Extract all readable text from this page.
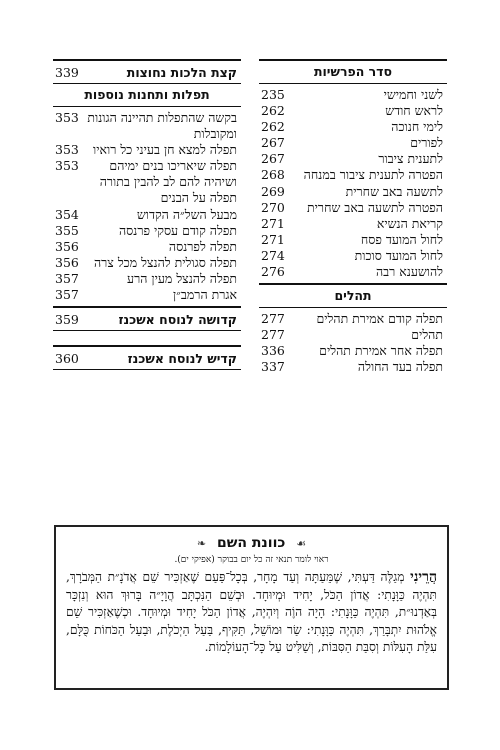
סדר הפרשיות
לשני וחמישי
235
לראש חודש
262
לימי חנוכה
262
לפורים
267
לתענית ציבור
267
הפטרה לתענית ציבור במנחה
268
לתשעה באב שחרית
269
הפטרה לתשעה באב שחרית
270
קריאת הנשיא
271
לחול המועד פסח
271
לחול המועד סוכות
274
להושענא רבה
276
תהלים
תפלה קודם אמירת תהלים
277
תהלים
277
תפלה אחר אמירת תהלים
336
תפלה בעד החולה
337
קצת הלכות נחוצות
339
תפלות ותחנות נוספות
בקשה שהתפלות תהיינה הגונות
ומקובלות
353
תפלה למצא חן בעיני כל רואיו
353
תפלה שיאריכו בנים ימיהם
ושיהיה להם לב להבין בתורה
353
תפלה על הבנים
מבעל השל״ה הקדוש
354
תפלה קודם עסקי פרנסה
355
תפלה לפרנסה
356
תפלה סגולית להנצל מכל צרה
356
תפלה להנצל מעין הרע
357
אגרת הרמב״ן
357
קדושה לנוסח אשכנז
359
קדיש לנוסח אשכנז
360
☙ כוונת השם ❧
ראוי לומר תנאי זה כל יום בבוקר (אפיקי ים).
הֲרֵינִי מְגַלֶּה דַּעְתִּי, שֶׁמֵּעַתָּה וְעַד מָחָר, בְּכָל־פַּעַם שֶׁאַזְכִּיר שֵׁם אֲדֹנָ״ת הַמְּבֹרָךְ, תִּהְיֶה כַּוָּנָתִי: אֲדוֹן הַכֹּל, יָחִיד וּמְיוּחָד. וּבְשֵׁם הַנִּכְתָּב הֲוָיָ״ה בָּרוּךְ הוּא וְנִזְכָּר בְּאַדְנוּ״ת, תִּהְיֶה כַּוָּנָתִי: הָיָה הוֶֹה וְיִהְיֶה, אֲדוֹן הַכֹּל יָחִיד וּמְיוּחָד. וּכְשֶׁאַזְכִּיר שֵׁם אֱלֹהוּת יִתְבָּרַךְ, תִּהְיֶה כַּוָּנָתִי: שַׂר וּמוֹשֵׁל, תַּקִּיף, בַּעַל הַיְכֹלֶת, וּבַעַל הַכֹּחוֹת כֻּלָּם, עִלַּת הָעִלּוֹת וְסִבַּת הַסִּבּוֹת, וְשַׁלִּיט עַל כָּל־הָעוֹלָמוֹת.
